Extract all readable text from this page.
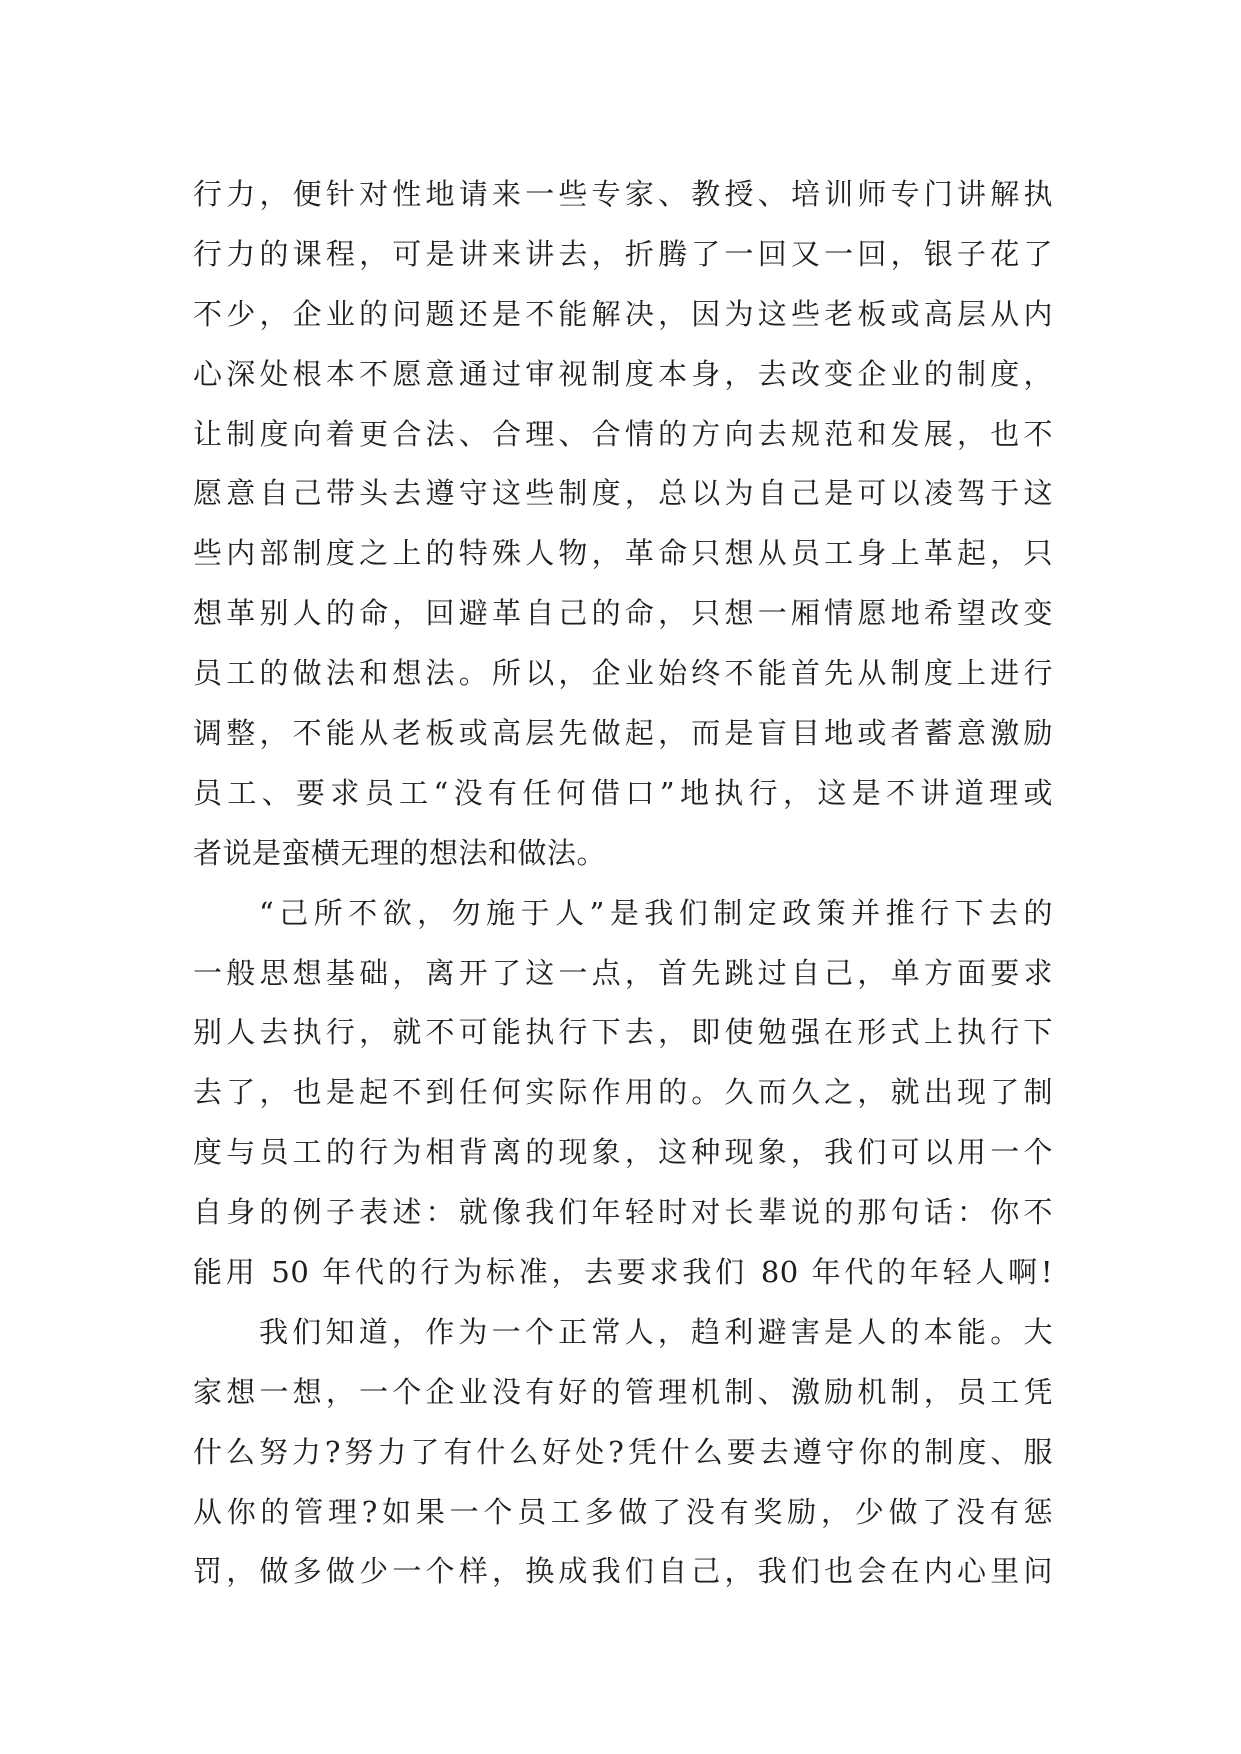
行力，便针对性地请来一些专家、教授、培训师专门讲解执
行力的课程，可是讲来讲去，折腾了一回又一回，银子花了
不少，企业的问题还是不能解决，因为这些老板或高层从内
心深处根本不愿意通过审视制度本身，去改变企业的制度，
让制度向着更合法、合理、合情的方向去规范和发展，也不
愿意自己带头去遵守这些制度，总以为自己是可以凌驾于这
些内部制度之上的特殊人物，革命只想从员工身上革起，只
想革别人的命，回避革自己的命，只想一厢情愿地希望改变
员工的做法和想法。所以，企业始终不能首先从制度上进行
调整，不能从老板或高层先做起，而是盲目地或者蓄意激励
员工、要求员工“没有任何借口”地执行，这是不讲道理或
者说是蛮横无理的想法和做法。
“己所不欲，勿施于人”是我们制定政策并推行下去的
一般思想基础，离开了这一点，首先跳过自己，单方面要求
别人去执行，就不可能执行下去，即使勉强在形式上执行下
去了，也是起不到任何实际作用的。久而久之，就出现了制
度与员工的行为相背离的现象，这种现象，我们可以用一个
自身的例子表述：就像我们年轻时对长辈说的那句话：你不
能用 50 年代的行为标准，去要求我们 80 年代的年轻人啊!
我们知道，作为一个正常人，趋利避害是人的本能。大
家想一想，一个企业没有好的管理机制、激励机制，员工凭
什么努力?努力了有什么好处?凭什么要去遵守你的制度、服
从你的管理?如果一个员工多做了没有奖励，少做了没有惩
罚，做多做少一个样，换成我们自己，我们也会在内心里问
